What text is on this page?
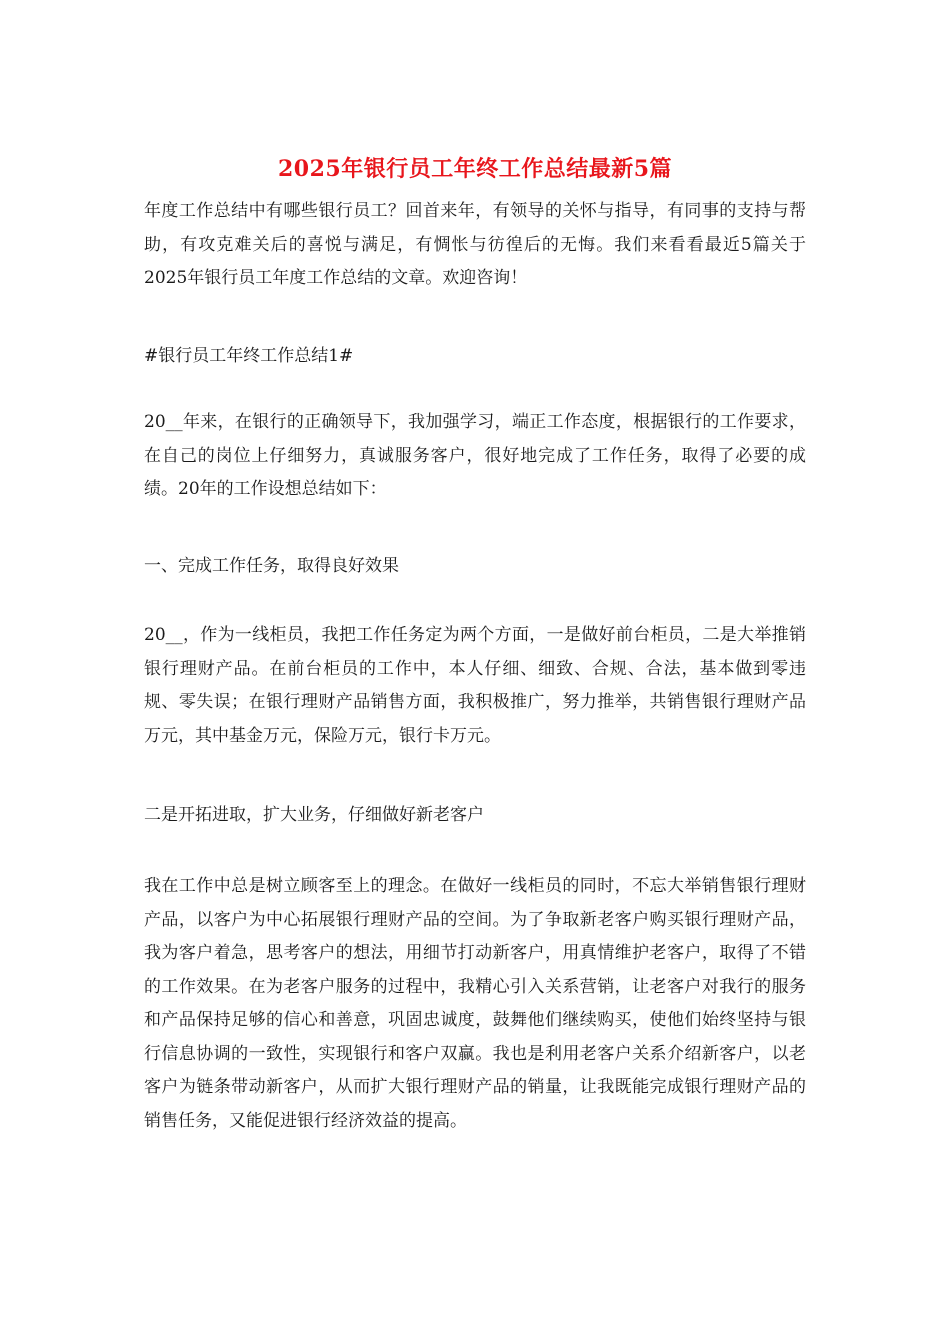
2025年银行员工年终工作总结最新5篇

年度工作总结中有哪些银行员工？回首来年，有领导的关怀与指导，有同事的支持与帮助，有攻克难关后的喜悦与满足，有惆怅与彷徨后的无悔。我们来看看最近5篇关于2025年银行员工年度工作总结的文章。欢迎咨询！

#银行员工年终工作总结1#

20__年来，在银行的正确领导下，我加强学习，端正工作态度，根据银行的工作要求，在自己的岗位上仔细努力，真诚服务客户，很好地完成了工作任务，取得了必要的成绩。20年的工作设想总结如下：

一、完成工作任务，取得良好效果

20__，作为一线柜员，我把工作任务定为两个方面，一是做好前台柜员，二是大举推销银行理财产品。在前台柜员的工作中，本人仔细、细致、合规、合法，基本做到零违规、零失误；在银行理财产品销售方面，我积极推广，努力推举，共销售银行理财产品万元，其中基金万元，保险万元，银行卡万元。

二是开拓进取，扩大业务，仔细做好新老客户

我在工作中总是树立顾客至上的理念。在做好一线柜员的同时，不忘大举销售银行理财产品，以客户为中心拓展银行理财产品的空间。为了争取新老客户购买银行理财产品，我为客户着急，思考客户的想法，用细节打动新客户，用真情维护老客户，取得了不错的工作效果。在为老客户服务的过程中，我精心引入关系营销，让老客户对我行的服务和产品保持足够的信心和善意，巩固忠诚度，鼓舞他们继续购买，使他们始终坚持与银行信息协调的一致性，实现银行和客户双赢。我也是利用老客户关系介绍新客户，以老客户为链条带动新客户，从而扩大银行理财产品的销量，让我既能完成银行理财产品的销售任务，又能促进银行经济效益的提高。
